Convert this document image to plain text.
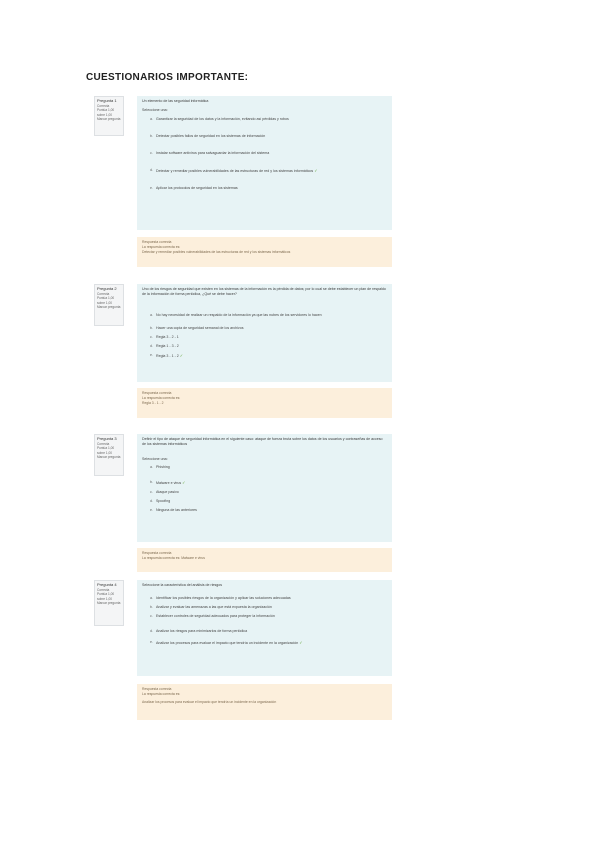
CUESTIONARIOS IMPORTANTE:
Pregunta 1
Correcta
Puntúa 1,00 sobre 1,00
Marcar pregunta
Un elemento de las seguridad informática
Seleccione una:
a. Garantizar la seguridad de los datos y la información, evitando así pérdidas y robos
b. Detectar posibles fallos de seguridad en los sistemas de información
c. Instalar software antivirus para salvaguardar la información del sistema
d. Detectar y remediar posibles vulnerabilidades de las estructuras de red y los sistemas informáticos✓
e. Aplicar los protocolos de seguridad en los sistemas
Respuesta correcta
La respuesta correcta es:
Detectar y remediar posibles vulnerabilidades de las estructuras de red y los sistemas informáticos
Pregunta 2
Correcta
Puntúa 1,00 sobre 1,00
Marcar pregunta
Uno de los riesgos de seguridad que existen en los sistemas de la información es la pérdida de datos; por lo cual se debe establecer un plan de respaldo de la información de forma periódica, ¿Qué se debe hacer?
a. No hay necesidad de realizar un respaldo de la información ya que las nubes de los servidores lo hacen
b. Hacer una copia de seguridad semanal de los archivos
c. Regla 3 - 2 - 1
d. Regla 1 - 3 - 2
e. Regla 3 - 1 - 2✓
Respuesta correcta
La respuesta correcta es:
Regla 3 - 1 - 2
Pregunta 3
Correcta
Puntúa 1,00 sobre 1,00
Marcar pregunta
Definir el tipo de ataque de seguridad informática en el siguiente caso: ataque de fuerza bruta sobre los datos de los usuarios y contraseñas de acceso de los sistemas informáticos
Seleccione una:
a. Phishing
b. Malware e virus✓
c. Ataque pasivo
d. Spoofing
e. Ninguna de las anteriores
Respuesta correcta
La respuesta correcta es: Malware e virus
Pregunta 4
Correcta
Puntúa 1,00 sobre 1,00
Marcar pregunta
Seleccione la característica del análisis de riesgos
a. Identificar los posibles riesgos de la organización y aplicar las soluciones adecuadas
b. Analizar y evaluar las amenazas a las que está expuesta la organización
c. Establecer controles de seguridad adecuados para proteger la información
d. Analizar los riesgos para minimizarlos de forma periódica
e. Analizar los procesos para evaluar el impacto que tendría un incidente en la organización✓
Respuesta correcta
La respuesta correcta es:
Analizar los procesos para evaluar el impacto que tendría un incidente en la organización
